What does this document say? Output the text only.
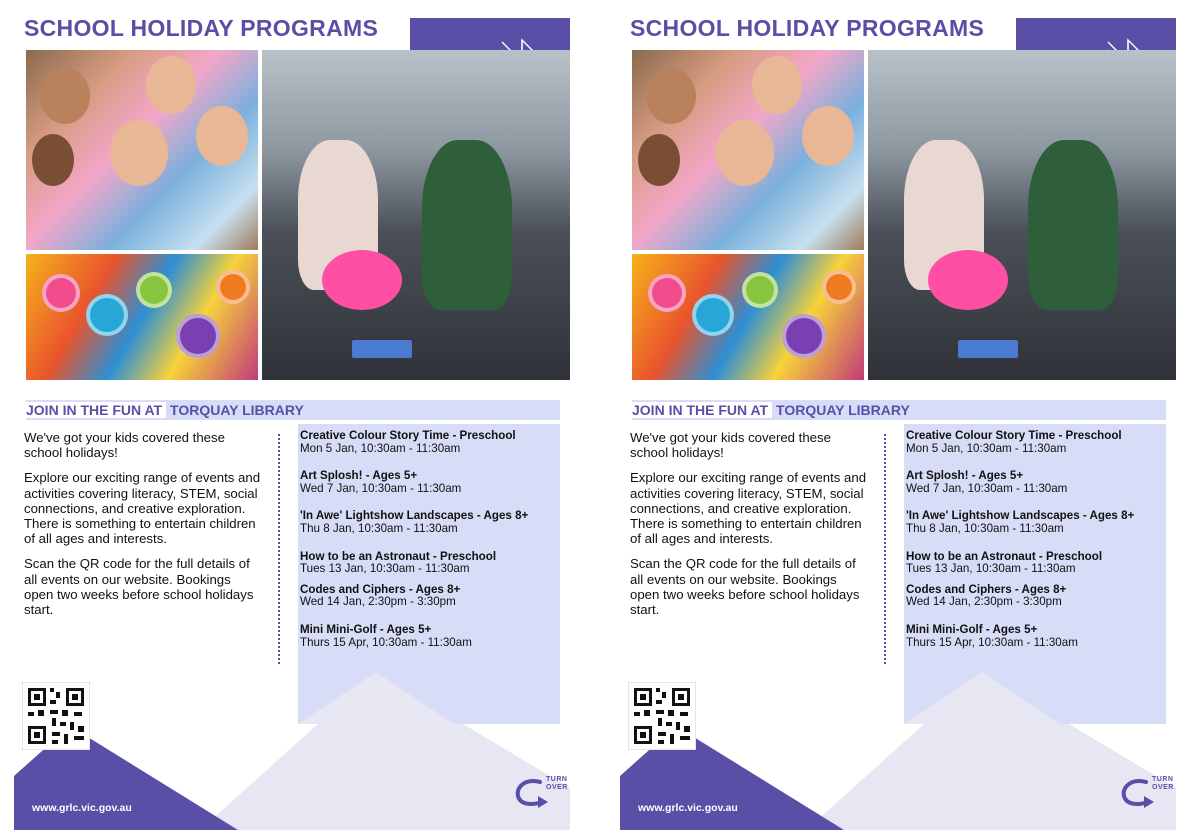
SCHOOL HOLIDAY PROGRAMS
JOIN IN THE FUN AT TORQUAY LIBRARY

We've got your kids covered these school holidays!

Explore our exciting range of events and activities covering literacy, STEM, social connections, and creative exploration. There is something to entertain children of all ages and interests.

Scan the QR code for the full details of all events on our website. Bookings open two weeks before school holidays start.

Creative Colour Story Time - Preschool
Mon 5 Jan, 10:30am - 11:30am
Art Splosh! - Ages 5+
Wed 7 Jan, 10:30am - 11:30am
'In Awe' Lightshow Landscapes - Ages 8+
Thu 8 Jan, 10:30am - 11:30am
How to be an Astronaut - Preschool
Tues 13 Jan, 10:30am - 11:30am
Codes and Ciphers - Ages 8+
Wed 14 Jan, 2:30pm - 3:30pm
Mini Mini-Golf - Ages 5+
Thurs 15 Apr, 10:30am - 11:30am
www.grlc.vic.gov.au
TURN
OVER
SCHOOL HOLIDAY PROGRAMS
JOIN IN THE FUN AT TORQUAY LIBRARY

We've got your kids covered these school holidays!

Explore our exciting range of events and activities covering literacy, STEM, social connections, and creative exploration. There is something to entertain children of all ages and interests.

Scan the QR code for the full details of all events on our website. Bookings open two weeks before school holidays start.

Creative Colour Story Time - Preschool
Mon 5 Jan, 10:30am - 11:30am
Art Splosh! - Ages 5+
Wed 7 Jan, 10:30am - 11:30am
'In Awe' Lightshow Landscapes - Ages 8+
Thu 8 Jan, 10:30am - 11:30am
How to be an Astronaut - Preschool
Tues 13 Jan, 10:30am - 11:30am
Codes and Ciphers - Ages 8+
Wed 14 Jan, 2:30pm - 3:30pm
Mini Mini-Golf - Ages 5+
Thurs 15 Apr, 10:30am - 11:30am
www.grlc.vic.gov.au
TURN
OVER
